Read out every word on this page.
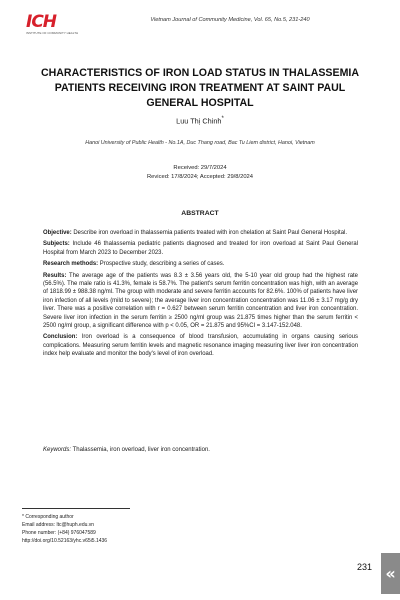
ICH
INSTITUTE OF COMMUNITY HEALTH
Vietnam Journal of Community Medicine, Vol. 65, No.5, 231-240
CHARACTERISTICS OF IRON LOAD STATUS IN THALASSEMIA PATIENTS RECEIVING IRON TREATMENT AT SAINT PAUL GENERAL HOSPITAL
Luu Thị Chinh*
Hanoi University of Public Health - No.1A, Duc Thang road, Bac Tu Liem district, Hanoi, Vietnam
Received: 29/7/2024
Reviced: 17/8/2024; Accepted: 29/8/2024
ABSTRACT

Objective: Describe iron overload in thalassemia patients treated with iron chelation at Saint Paul General Hospital.

Subjects: Include 46 thalassemia pediatric patients diagnosed and treated for iron overload at Saint Paul General Hospital from March 2023 to December 2023.

Research methods: Prospective study, describing a series of cases.

Results: The average age of the patients was 8.3 ± 3.56 years old, the 5-10 year old group had the highest rate (56.5%). The male ratio is 41.3%, female is 58.7%. The patient's serum ferritin concentration was high, with an average of 1818.99 ± 988.38 ng/ml. The group with moderate and severe ferritin accounts for 82.6%. 100% of patients have liver iron infection of all levels (mild to severe); the average liver iron concentration concentration was 11.06 ± 3.17 mg/g dry liver. There was a positive correlation with r = 0.627 between serum ferritin concentration and liver iron concentration. Severe liver iron infection in the serum ferritin ≥ 2500 ng/ml group was 21.875 times higher than the serum ferritin < 2500 ng/ml group, a significant difference with p < 0.05, OR = 21.875 and 95%CI = 3.147-152.048.

Conclusion: Iron overload is a consequence of blood transfusion, accumulating in organs causing serious complications. Measuring serum ferritin levels and magnetic resonance imaging measuring liver liver iron concentration index help evaluate and monitor the body's level of iron overload.

Keywords: Thalassemia, iron overload, liver iron concentration.
* Corresponding author
Email address: ltc@huph.edu.vn
Phone number: (+84) 976047589
http://doi.org/10.52163/yhc.v65i5.1436
231 «
